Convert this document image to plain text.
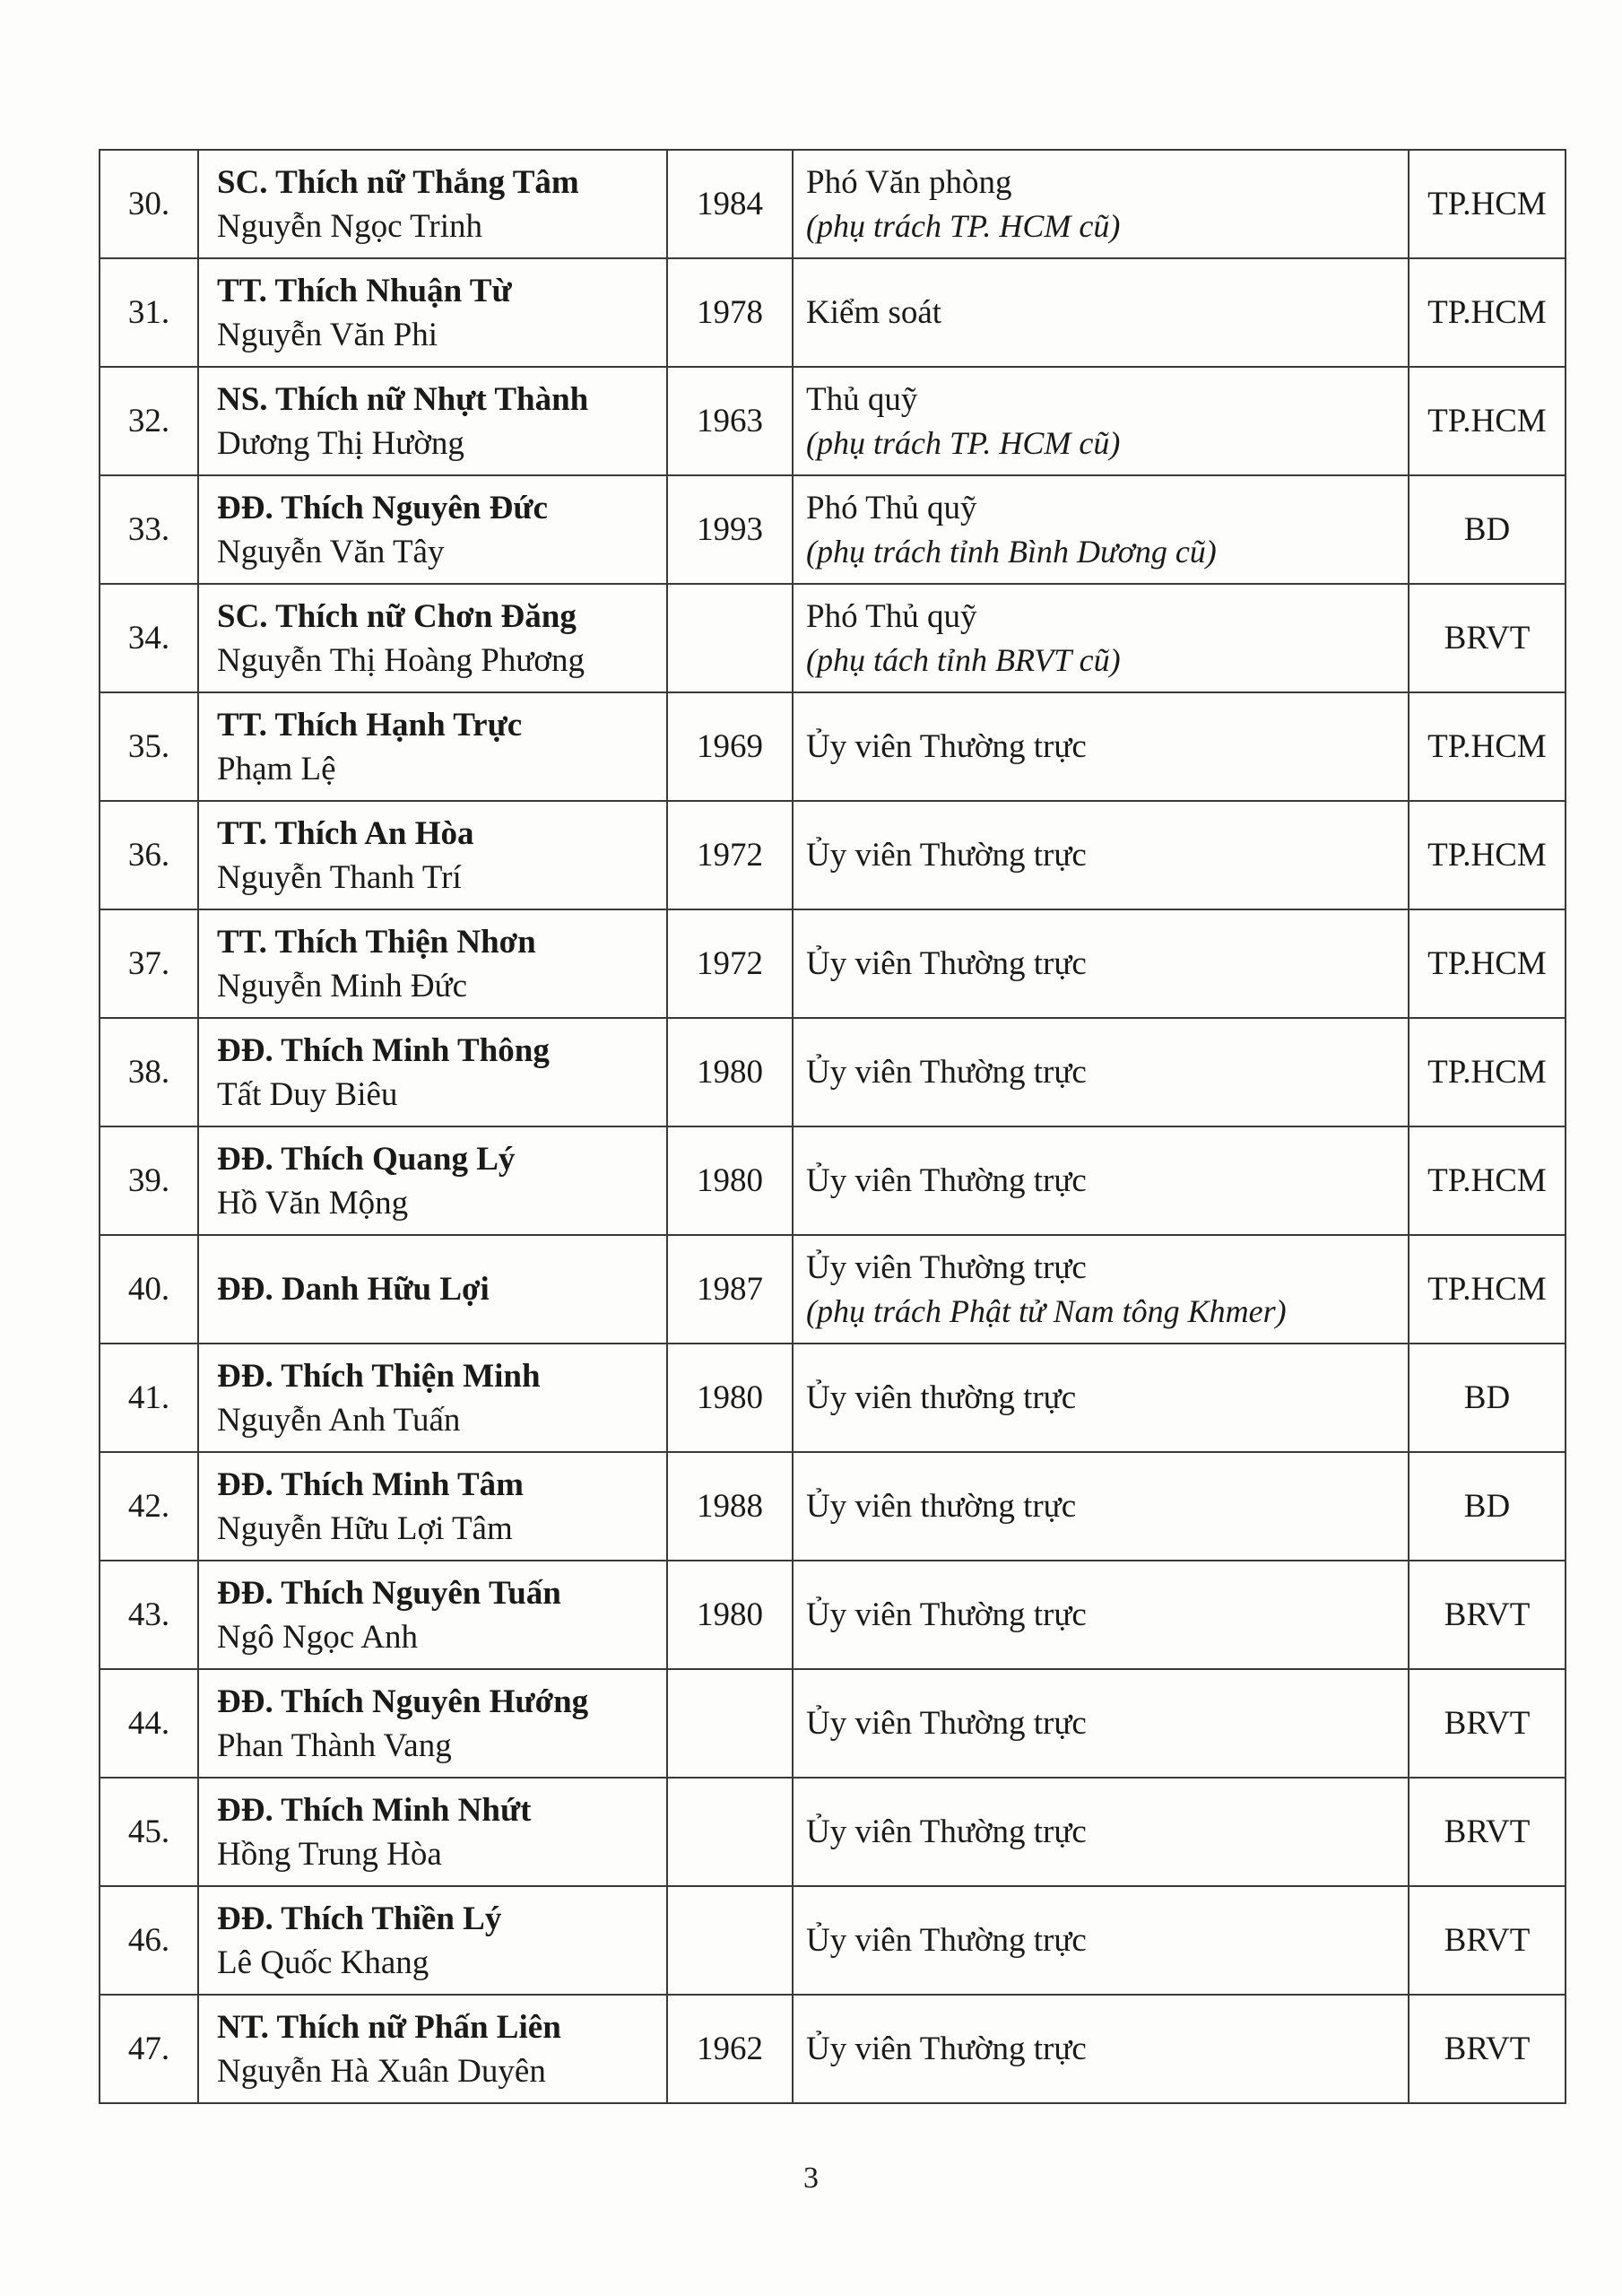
30.	SC. Thích nữ Thắng Tâm
Nguyễn Ngọc Trinh	1984	Phó Văn phòng
(phụ trách TP. HCM cũ)	TP.HCM
31.	TT. Thích Nhuận Từ
Nguyễn Văn Phi	1978	Kiểm soát	TP.HCM
32.	NS. Thích nữ Nhựt Thành
Dương Thị Hường	1963	Thủ quỹ
(phụ trách TP. HCM cũ)	TP.HCM
33.	ĐĐ. Thích Nguyên Đức
Nguyễn Văn Tây	1993	Phó Thủ quỹ
(phụ trách tỉnh Bình Dương cũ)	BD
34.	SC. Thích nữ Chơn Đăng
Nguyễn Thị Hoàng Phương		Phó Thủ quỹ
(phụ tách tỉnh BRVT cũ)	BRVT
35.	TT. Thích Hạnh Trực
Phạm Lệ	1969	Ủy viên Thường trực	TP.HCM
36.	TT. Thích An Hòa
Nguyễn Thanh Trí	1972	Ủy viên Thường trực	TP.HCM
37.	TT. Thích Thiện Nhơn
Nguyễn Minh Đức	1972	Ủy viên Thường trực	TP.HCM
38.	ĐĐ. Thích Minh Thông
Tất Duy Biêu	1980	Ủy viên Thường trực	TP.HCM
39.	ĐĐ. Thích Quang Lý
Hồ Văn Mộng	1980	Ủy viên Thường trực	TP.HCM
40.	ĐĐ. Danh Hữu Lợi	1987	Ủy viên Thường trực
(phụ trách Phật tử Nam tông Khmer)	TP.HCM
41.	ĐĐ. Thích Thiện Minh
Nguyễn Anh Tuấn	1980	Ủy viên thường trực	BD
42.	ĐĐ. Thích Minh Tâm
Nguyễn Hữu Lợi Tâm	1988	Ủy viên thường trực	BD
43.	ĐĐ. Thích Nguyên Tuấn
Ngô Ngọc Anh	1980	Ủy viên Thường trực	BRVT
44.	ĐĐ. Thích Nguyên Hướng
Phan Thành Vang		Ủy viên Thường trực	BRVT
45.	ĐĐ. Thích Minh Nhứt
Hồng Trung Hòa		Ủy viên Thường trực	BRVT
46.	ĐĐ. Thích Thiền Lý
Lê Quốc Khang		Ủy viên Thường trực	BRVT
47.	NT. Thích nữ Phấn Liên
Nguyễn Hà Xuân Duyên	1962	Ủy viên Thường trực	BRVT
3
